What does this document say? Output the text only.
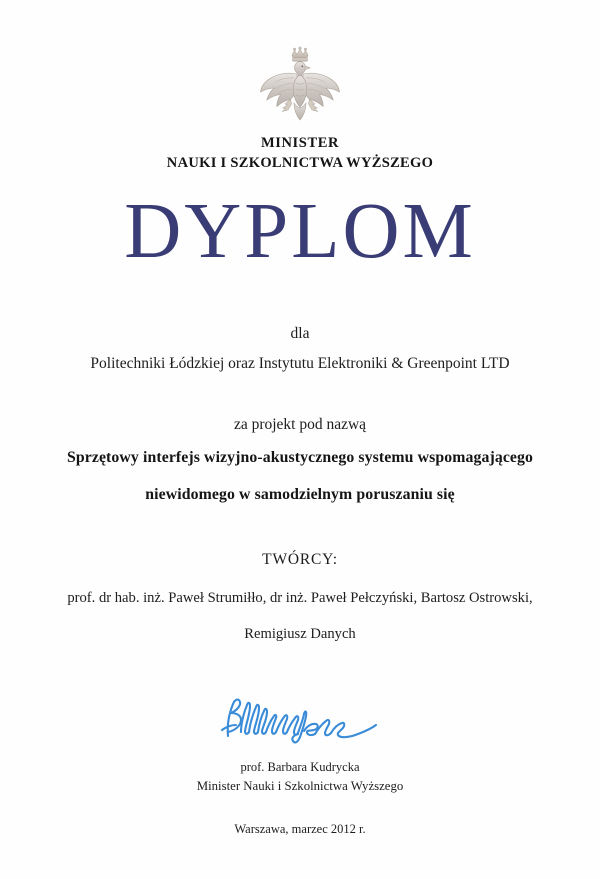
MINISTER
NAUKI I SZKOLNICTWA WYŻSZEGO
DYPLOM
dla
Politechniki Łódzkiej oraz Instytutu Elektroniki & Greenpoint LTD
za projekt pod nazwą
Sprzętowy interfejs wizyjno-akustycznego systemu wspomagającego
niewidomego w samodzielnym poruszaniu się
TWÓRCY:
prof. dr hab. inż. Paweł Strumiłło, dr inż. Paweł Pełczyński, Bartosz Ostrowski,
Remigiusz Danych
prof. Barbara Kudrycka
Minister Nauki i Szkolnictwa Wyższego
Warszawa, marzec 2012 r.
